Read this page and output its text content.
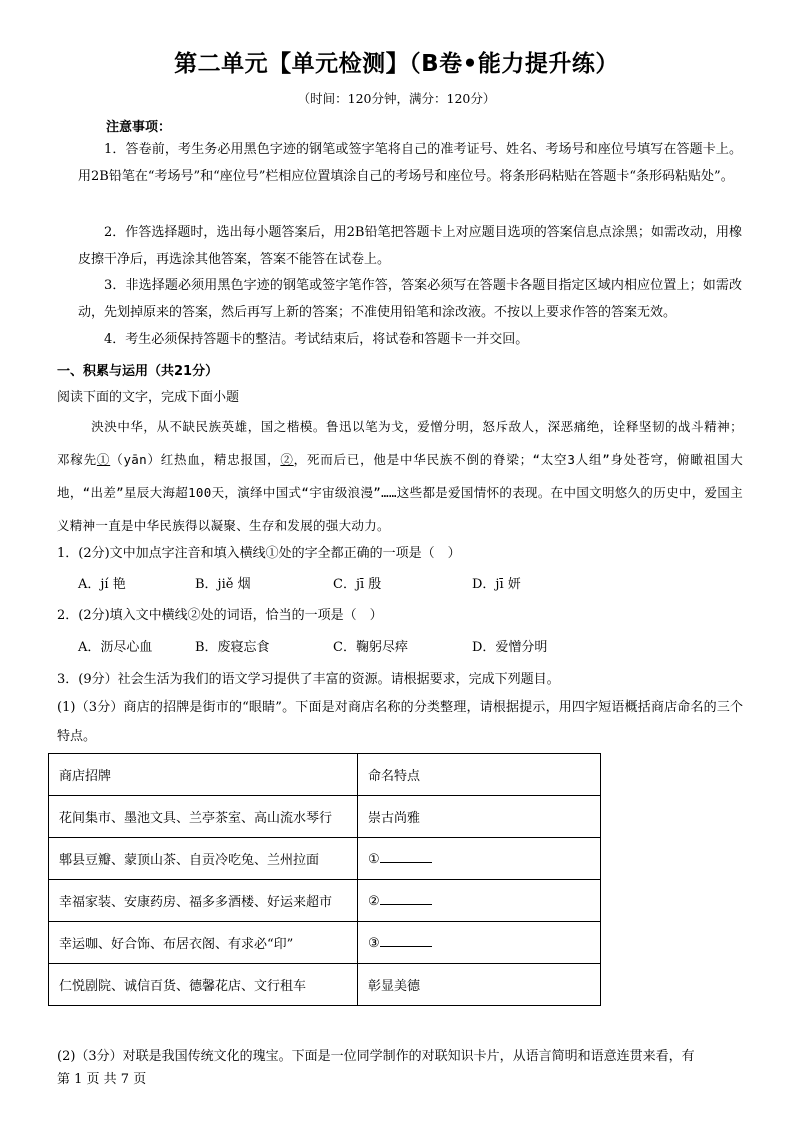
第二单元【单元检测】（B卷•能力提升练）
（时间：120分钟，满分：120分）
注意事项：
1．答卷前，考生务必用黑色字迹的钢笔或签字笔将自己的准考证号、姓名、考场号和座位号填写在答题卡上。用2B铅笔在“考场号”和“座位号”栏相应位置填涂自己的考场号和座位号。将条形码粘贴在答题卡“条形码粘贴处”。
2．作答选择题时，选出每小题答案后，用2B铅笔把答题卡上对应题目选项的答案信息点涂黑；如需改动，用橡皮擦干净后，再选涂其他答案，答案不能答在试卷上。
3．非选择题必须用黑色字迹的钢笔或签字笔作答，答案必须写在答题卡各题目指定区域内相应位置上；如需改动，先划掉原来的答案，然后再写上新的答案；不准使用铅笔和涂改液。不按以上要求作答的答案无效。
4．考生必须保持答题卡的整洁。考试结束后，将试卷和答题卡一并交回。
一、积累与运用（共21分）
阅读下面的文字，完成下面小题
泱泱中华，从不缺民族英雄，国之楷模。鲁迅以笔为戈，爱憎分明，怒斥敌人，深恶痛绝，诠释坚韧的战斗精神；邓稼先①（yān）红热血，精忠报国，②，死而后已，他是中华民族不倒的脊梁；“太空3人组”身处苍穹，俯瞰祖国大地，“出差”星辰大海超100天，演绎中国式“宇宙级浪漫”……这些都是爱国情怀的表现。在中国文明悠久的历史中，爱国主义精神一直是中华民族得以凝聚、生存和发展的强大动力。
1．(2分)文中加点字注音和填入横线①处的字全都正确的一项是（　）
A．jí 艳	B．jiě 烟	C．jī 殷	D．jī 妍
2．(2分)填入文中横线②处的词语，恰当的一项是（　）
A．沥尽心血	B．废寝忘食	C．鞠躬尽瘁	D．爱憎分明
3．(9分）社会生活为我们的语文学习提供了丰富的资源。请根据要求，完成下列题目。
(1)（3分）商店的招牌是街市的“眼睛”。下面是对商店名称的分类整理，请根据提示，用四字短语概括商店命名的三个特点。
商店招牌	命名特点
花间集市、墨池文具、兰亭茶室、高山流水琴行	崇古尚雅
郫县豆瓣、蒙顶山茶、自贡冷吃兔、兰州拉面	①
幸福家装、安康药房、福多多酒楼、好运来超市	②
幸运咖、好合饰、布居衣阁、有求必“印”	③
仁悦剧院、诚信百货、德馨花店、文行租车	彰显美德
(2)（3分）对联是我国传统文化的瑰宝。下面是一位同学制作的对联知识卡片，从语言简明和语意连贯来看，有
第 1 页 共 7 页
